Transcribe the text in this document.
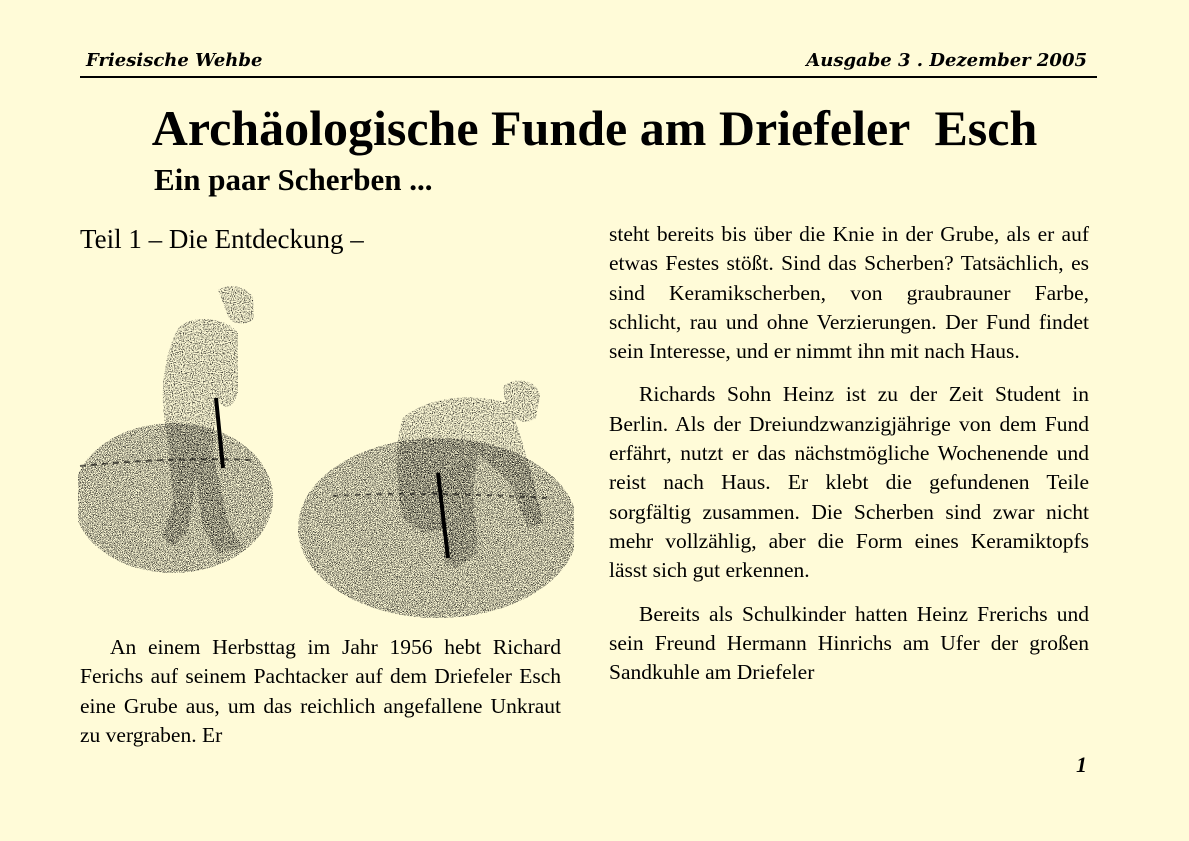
Friesische Wehbe	Ausgabe 3 . Dezember 2005
Archäologische Funde am Driefeler  Esch
Ein paar Scherben ...
Teil 1 – Die Entdeckung –

An einem Herbsttag im Jahr 1956 hebt Richard Ferichs auf seinem Pachtacker auf dem Driefeler Esch eine Grube aus, um das reichlich angefallene Unkraut zu vergraben. Er

steht bereits bis über die Knie in der Grube, als er auf etwas Festes stößt. Sind das Scherben? Tatsächlich, es sind Keramikscherben, von graubrauner Farbe, schlicht, rau und ohne Verzierungen. Der Fund findet sein Interesse, und er nimmt ihn mit nach Haus.

Richards Sohn Heinz ist zu der Zeit Student in Berlin. Als der Dreiundzwanzigjährige von dem Fund erfährt, nutzt er das nächstmögliche Wochenende und reist nach Haus. Er klebt die gefundenen Teile sorgfältig zusammen. Die Scherben sind zwar nicht mehr vollzählig, aber die Form eines Keramiktopfs lässt sich gut erkennen.

Bereits als Schulkinder hatten Heinz Frerichs und sein Freund Hermann Hinrichs am Ufer der großen Sandkuhle am Driefeler

1
